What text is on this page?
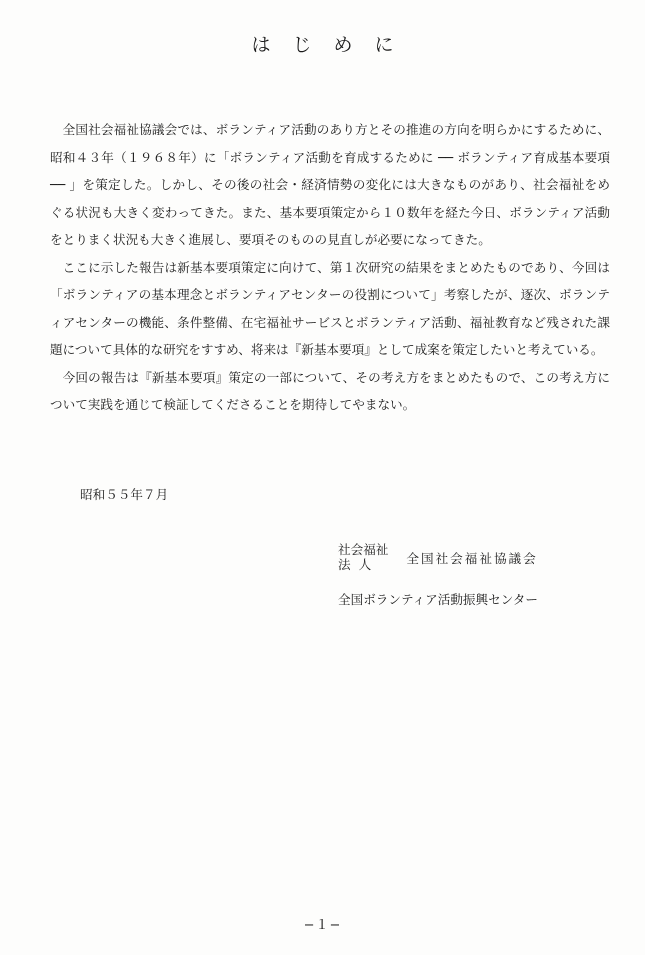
はじめに

全国社会福祉協議会では、ボランティア活動のあり方とその推進の方向を明らかにするために、昭和４３年（１９６８年）に「ボランティア活動を育成するために ── ボランティア育成基本要項 ── 」を策定した。しかし、その後の社会・経済情勢の変化には大きなものがあり、社会福祉をめぐる状況も大きく変わってきた。また、基本要項策定から１０数年を経た今日、ボランティア活動をとりまく状況も大きく進展し、要項そのものの見直しが必要になってきた。

ここに示した報告は新基本要項策定に向けて、第１次研究の結果をまとめたものであり、今回は「ボランティアの基本理念とボランティアセンターの役割について」考察したが、逐次、ボランティアセンターの機能、条件整備、在宅福祉サービスとボランティア活動、福祉教育など残された課題について具体的な研究をすすめ、将来は『新基本要項』として成案を策定したいと考えている。

今回の報告は『新基本要項』策定の一部について、その考え方をまとめたもので、この考え方について実践を通じて検証してくださることを期待してやまない。

昭和５５年７月
社会福祉
法人	全国社会福祉協議会
全国ボランティア活動振興センター
−１−
